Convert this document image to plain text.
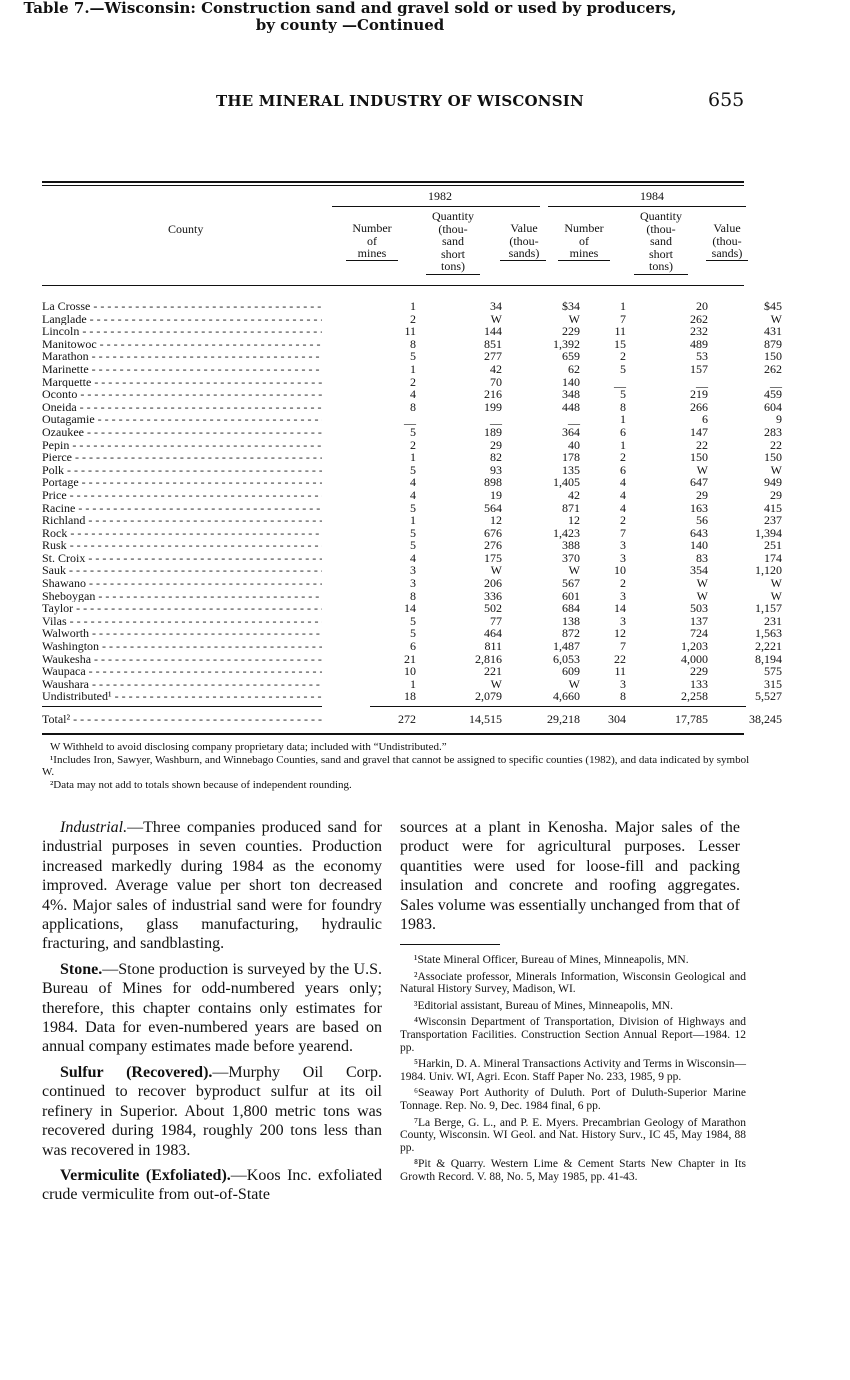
THE MINERAL INDUSTRY OF WISCONSIN	655
Table 7.—Wisconsin: Construction sand and gravel sold or used by producers,
by county —Continued
County
1982	1984
Number
of
mines
Quantity
(thou-
sand
short
tons)
Value
(thou-
sands)
Number
of
mines
Quantity
(thou-
sand
short
tons)
Value
(thou-
sands)
La Crosse - - -	1	34	$34	1	20	$45
Langlade - - -	2	W	W	7	262	W
Lincoln - - -	11	144	229	11	232	431
Manitowoc - - -	8	851	1,392	15	489	879
Marathon - - -	5	277	659	2	53	150
Marinette - - -	1	42	62	5	157	262
Marquette - - -	2	70	140	__	__	__
Oconto - - -	4	216	348	5	219	459
Oneida - - -	8	199	448	8	266	604
Outagamie - - -	__	__	__	1	6	9
Ozaukee - - -	5	189	364	6	147	283
Pepin - - -	2	29	40	1	22	22
Pierce - - -	1	82	178	2	150	150
Polk - - -	5	93	135	6	W	W
Portage - - -	4	898	1,405	4	647	949
Price - - -	4	19	42	4	29	29
Racine - - -	5	564	871	4	163	415
Richland - - -	1	12	12	2	56	237
Rock - - -	5	676	1,423	7	643	1,394
Rusk - - -	5	276	388	3	140	251
St. Croix - - -	4	175	370	3	83	174
Sauk - - -	3	W	W	10	354	1,120
Shawano - - -	3	206	567	2	W	W
Sheboygan - - -	8	336	601	3	W	W
Taylor - - -	14	502	684	14	503	1,157
Vilas - - -	5	77	138	3	137	231
Walworth - - -	5	464	872	12	724	1,563
Washington - - -	6	811	1,487	7	1,203	2,221
Waukesha - - -	21	2,816	6,053	22	4,000	8,194
Waupaca - - -	10	221	609	11	229	575
Waushara - - -	1	W	W	3	133	315
Undistributed¹ - - -	18	2,079	4,660	8	2,258	5,527
Total² - - -	272	14,515	29,218	304	17,785	38,245
W Withheld to avoid disclosing company proprietary data; included with “Undistributed.”
¹Includes Iron, Sawyer, Washburn, and Winnebago Counties, sand and gravel that cannot be assigned to specific counties (1982), and data indicated by symbol W.
²Data may not add to totals shown because of independent rounding.

Industrial.—Three companies produced sand for industrial purposes in seven counties. Production increased markedly during 1984 as the economy improved. Average value per short ton decreased 4%. Major sales of industrial sand were for foundry applications, glass manufacturing, hydraulic fracturing, and sandblasting.

Stone.—Stone production is surveyed by the U.S. Bureau of Mines for odd-numbered years only; therefore, this chapter contains only estimates for 1984. Data for even-numbered years are based on annual company estimates made before yearend.

Sulfur (Recovered).—Murphy Oil Corp. continued to recover byproduct sulfur at its oil refinery in Superior. About 1,800 metric tons was recovered during 1984, roughly 200 tons less than was recovered in 1983.

Vermiculite (Exfoliated).—Koos Inc. exfoliated crude vermiculite from out-of-State

sources at a plant in Kenosha. Major sales of the product were for agricultural purposes. Lesser quantities were used for loose-fill and packing insulation and concrete and roofing aggregates. Sales volume was essentially unchanged from that of 1983.

¹State Mineral Officer, Bureau of Mines, Minneapolis, MN.

²Associate professor, Minerals Information, Wisconsin Geological and Natural History Survey, Madison, WI.

³Editorial assistant, Bureau of Mines, Minneapolis, MN.

⁴Wisconsin Department of Transportation, Division of Highways and Transportation Facilities. Construction Section Annual Report—1984. 12 pp.

⁵Harkin, D. A. Mineral Transactions Activity and Terms in Wisconsin—1984. Univ. WI, Agri. Econ. Staff Paper No. 233, 1985, 9 pp.

⁶Seaway Port Authority of Duluth. Port of Duluth-Superior Marine Tonnage. Rep. No. 9, Dec. 1984 final, 6 pp.

⁷La Berge, G. L., and P. E. Myers. Precambrian Geology of Marathon County, Wisconsin. WI Geol. and Nat. History Surv., IC 45, May 1984, 88 pp.

⁸Pit & Quarry. Western Lime & Cement Starts New Chapter in Its Growth Record. V. 88, No. 5, May 1985, pp. 41-43.
